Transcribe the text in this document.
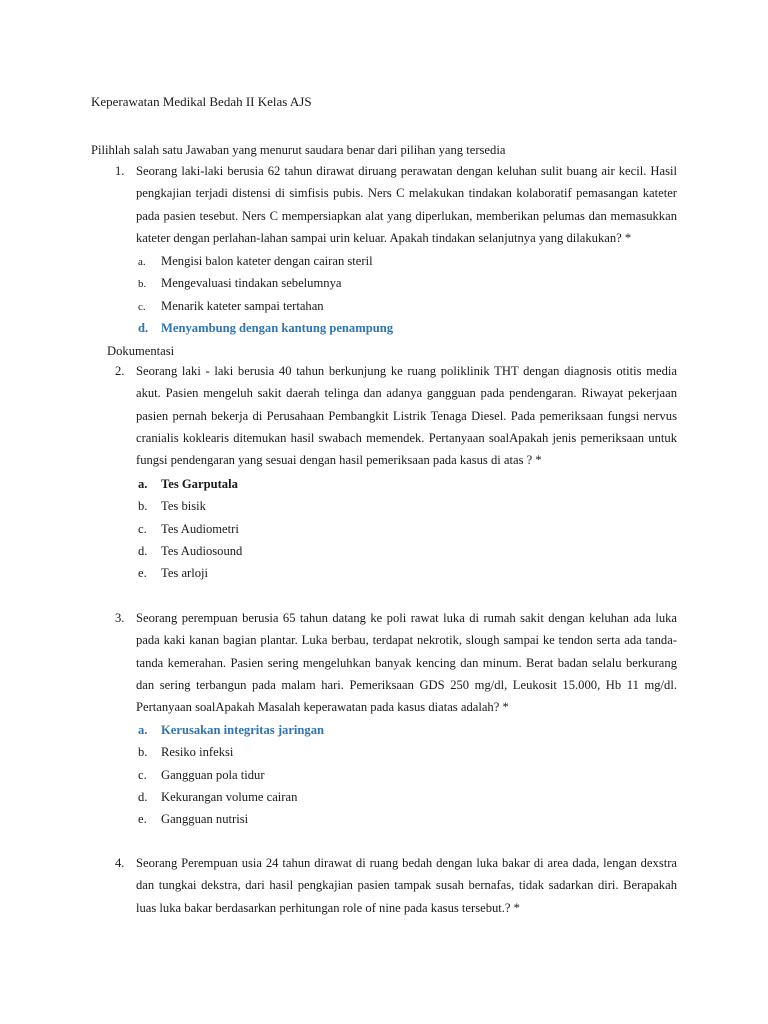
Keperawatan Medikal Bedah II Kelas AJS
Pilihlah salah satu Jawaban yang menurut saudara benar dari pilihan yang tersedia
1. Seorang laki-laki berusia 62 tahun dirawat diruang perawatan dengan keluhan sulit buang air kecil. Hasil pengkajian terjadi distensi di simfisis pubis. Ners C melakukan tindakan kolaboratif pemasangan kateter pada pasien tesebut. Ners C mempersiapkan alat yang diperlukan, memberikan pelumas dan memasukkan kateter dengan perlahan-lahan sampai urin keluar. Apakah tindakan selanjutnya yang dilakukan? *
a. Mengisi balon kateter dengan cairan steril
b. Mengevaluasi tindakan sebelumnya
c. Menarik kateter sampai tertahan
d. Menyambung dengan kantung penampung
Dokumentasi
2. Seorang laki - laki berusia 40 tahun berkunjung ke ruang poliklinik THT dengan diagnosis otitis media akut. Pasien mengeluh sakit daerah telinga dan adanya gangguan pada pendengaran. Riwayat pekerjaan pasien pernah bekerja di Perusahaan Pembangkit Listrik Tenaga Diesel. Pada pemeriksaan fungsi nervus cranialis koklearis ditemukan hasil swabach memendek. Pertanyaan soalApakah jenis pemeriksaan untuk fungsi pendengaran yang sesuai dengan hasil pemeriksaan pada kasus di atas ? *
a. Tes Garputala
b. Tes bisik
c. Tes Audiometri
d. Tes Audiosound
e. Tes arloji
3. Seorang perempuan berusia 65 tahun datang ke poli rawat luka di rumah sakit dengan keluhan ada luka pada kaki kanan bagian plantar. Luka berbau, terdapat nekrotik, slough sampai ke tendon serta ada tanda-tanda kemerahan. Pasien sering mengeluhkan banyak kencing dan minum. Berat badan selalu berkurang dan sering terbangun pada malam hari. Pemeriksaan GDS 250 mg/dl, Leukosit 15.000, Hb 11 mg/dl. Pertanyaan soalApakah Masalah keperawatan pada kasus diatas adalah? *
a. Kerusakan integritas jaringan
b. Resiko infeksi
c. Gangguan pola tidur
d. Kekurangan volume cairan
e. Gangguan nutrisi
4. Seorang Perempuan usia 24 tahun dirawat di ruang bedah dengan luka bakar di area dada, lengan dexstra dan tungkai dekstra, dari hasil pengkajian pasien tampak susah bernafas, tidak sadarkan diri. Berapakah luas luka bakar berdasarkan perhitungan role of nine pada kasus tersebut.? *
